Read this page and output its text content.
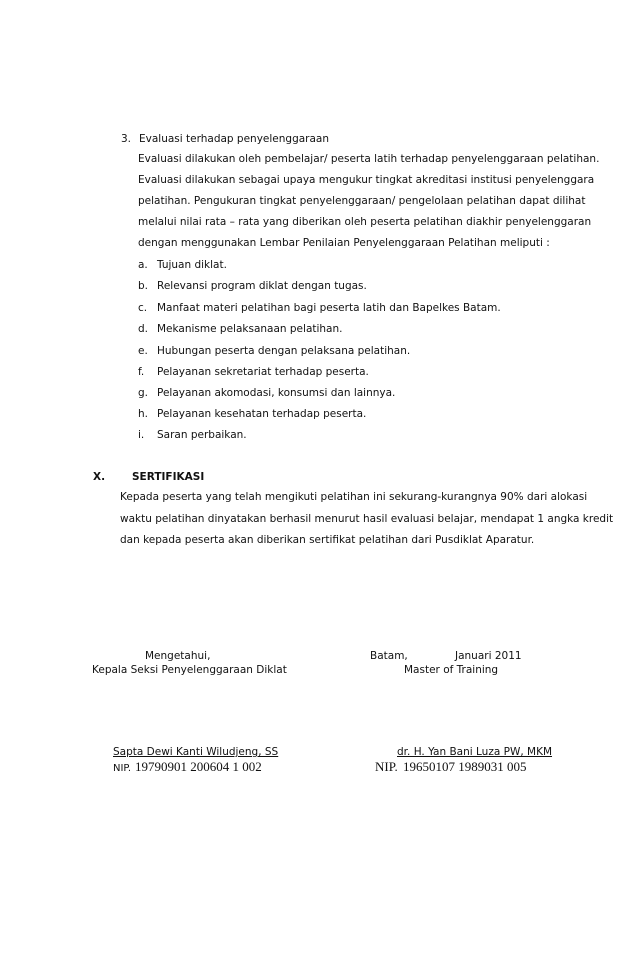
3. Evaluasi terhadap penyelenggaraan
Evaluasi dilakukan oleh pembelajar/ peserta latih terhadap penyelenggaraan pelatihan.
Evaluasi dilakukan sebagai upaya mengukur tingkat akreditasi institusi penyelenggara
pelatihan. Pengukuran tingkat penyelenggaraan/ pengelolaan pelatihan dapat dilihat
melalui nilai rata – rata yang diberikan oleh peserta pelatihan diakhir penyelenggaran
dengan menggunakan Lembar Penilaian Penyelenggaraan Pelatihan meliputi :
a. Tujuan diklat.
b. Relevansi program diklat dengan tugas.
c. Manfaat materi pelatihan bagi peserta latih dan Bapelkes Batam.
d. Mekanisme pelaksanaan pelatihan.
e. Hubungan peserta dengan pelaksana pelatihan.
f. Pelayanan sekretariat terhadap peserta.
g. Pelayanan akomodasi, konsumsi dan lainnya.
h. Pelayanan kesehatan terhadap peserta.
i. Saran perbaikan.
X.	SERTIFIKASI
Kepada peserta yang telah mengikuti pelatihan ini sekurang-kurangnya 90% dari alokasi
waktu pelatihan dinyatakan berhasil menurut hasil evaluasi belajar, mendapat 1 angka kredit
dan kepada peserta akan diberikan sertifikat pelatihan dari Pusdiklat Aparatur.
Mengetahui,
Kepala Seksi Penyelenggaraan Diklat
Sapta Dewi Kanti Wiludjeng, SS
NIP. 19790901 200604 1 002
Batam,	Januari 2011
Master of Training
dr. H. Yan Bani Luza PW, MKM
NIP. 19650107 1989031 005
